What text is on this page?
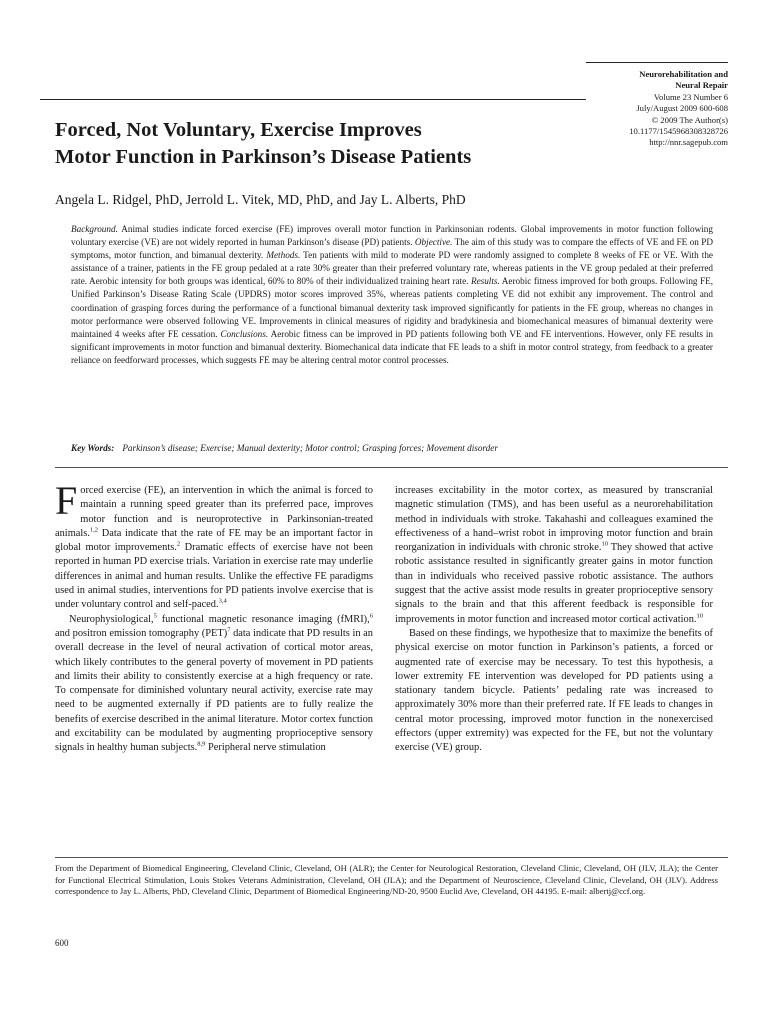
Neurorehabilitation and
Neural Repair
Volume 23 Number 6
July/August 2009 600-608
© 2009 The Author(s)
10.1177/1545968308328726
http://nnr.sagepub.com
Forced, Not Voluntary, Exercise Improves
Motor Function in Parkinson’s Disease Patients
Angela L. Ridgel, PhD, Jerrold L. Vitek, MD, PhD, and Jay L. Alberts, PhD
Background. Animal studies indicate forced exercise (FE) improves overall motor function in Parkinsonian rodents. Global improvements in motor function following voluntary exercise (VE) are not widely reported in human Parkinson’s disease (PD) patients. Objective. The aim of this study was to compare the effects of VE and FE on PD symptoms, motor function, and bimanual dexterity. Methods. Ten patients with mild to moderate PD were randomly assigned to complete 8 weeks of FE or VE. With the assistance of a trainer, patients in the FE group pedaled at a rate 30% greater than their preferred voluntary rate, whereas patients in the VE group pedaled at their preferred rate. Aerobic intensity for both groups was identical, 60% to 80% of their individualized training heart rate. Results. Aerobic fitness improved for both groups. Following FE, Unified Parkinson’s Disease Rating Scale (UPDRS) motor scores improved 35%, whereas patients completing VE did not exhibit any improvement. The control and coordination of grasping forces during the performance of a functional bimanual dexterity task improved significantly for patients in the FE group, whereas no changes in motor performance were observed following VE. Improvements in clinical measures of rigidity and bradykinesia and biomechanical measures of bimanual dexterity were maintained 4 weeks after FE cessation. Conclusions. Aerobic fitness can be improved in PD patients following both VE and FE interventions. However, only FE results in significant improvements in motor function and bimanual dexterity. Biomechanical data indicate that FE leads to a shift in motor control strategy, from feedback to a greater reliance on feedforward processes, which suggests FE may be altering central motor control processes.
Key Words: Parkinson’s disease; Exercise; Manual dexterity; Motor control; Grasping forces; Movement disorder

Forced exercise (FE), an intervention in which the animal is forced to maintain a running speed greater than its preferred pace, improves motor function and is neuroprotective in Parkinsonian-treated animals.$^{1,2}$ Data indicate that the rate of FE may be an important factor in global motor improvements.$^2$ Dramatic effects of exercise have not been reported in human PD exercise trials. Variation in exercise rate may underlie differences in animal and human results. Unlike the effective FE paradigms used in animal studies, interventions for PD patients involve exercise that is under voluntary control and self-paced.$^{3,4}$

Neurophysiological,$^5$ functional magnetic resonance imaging (fMRI),$^6$ and positron emission tomography (PET)$^7$ data indicate that PD results in an overall decrease in the level of neural activation of cortical motor areas, which likely contributes to the general poverty of movement in PD patients and limits their ability to consistently exercise at a high frequency or rate. To compensate for diminished voluntary neural activity, exercise rate may need to be augmented externally if PD patients are to fully realize the benefits of exercise described in the animal literature. Motor cortex function and excitability can be modulated by augmenting proprioceptive sensory signals in healthy human subjects.$^{8,9}$ Peripheral nerve stimulation

increases excitability in the motor cortex, as measured by transcranial magnetic stimulation (TMS), and has been useful as a neurorehabilitation method in individuals with stroke. Takahashi and colleagues examined the effectiveness of a hand–wrist robot in improving motor function and brain reorganization in individuals with chronic stroke.$^{10}$ They showed that active robotic assistance resulted in significantly greater gains in motor function than in individuals who received passive robotic assistance. The authors suggest that the active assist mode results in greater proprioceptive sensory signals to the brain and that this afferent feedback is responsible for improvements in motor function and increased motor cortical activation.$^{10}$

Based on these findings, we hypothesize that to maximize the benefits of physical exercise on motor function in Parkinson’s patients, a forced or augmented rate of exercise may be necessary. To test this hypothesis, a lower extremity FE intervention was developed for PD patients using a stationary tandem bicycle. Patients’ pedaling rate was increased to approximately 30% more than their preferred rate. If FE leads to changes in central motor processing, improved motor function in the nonexercised effectors (upper extremity) was expected for the FE, but not the voluntary exercise (VE) group.

From the Department of Biomedical Engineering, Cleveland Clinic, Cleveland, OH (ALR); the Center for Neurological Restoration, Cleveland Clinic, Cleveland, OH (JLV, JLA); the Center for Functional Electrical Stimulation, Louis Stokes Veterans Administration, Cleveland, OH (JLA); and the Department of Neuroscience, Cleveland Clinic, Cleveland, OH (JLV). Address correspondence to Jay L. Alberts, PhD, Cleveland Clinic, Department of Biomedical Engineering/ND-20, 9500 Euclid Ave, Cleveland, OH 44195. E-mail: albertj@ccf.org.
600
